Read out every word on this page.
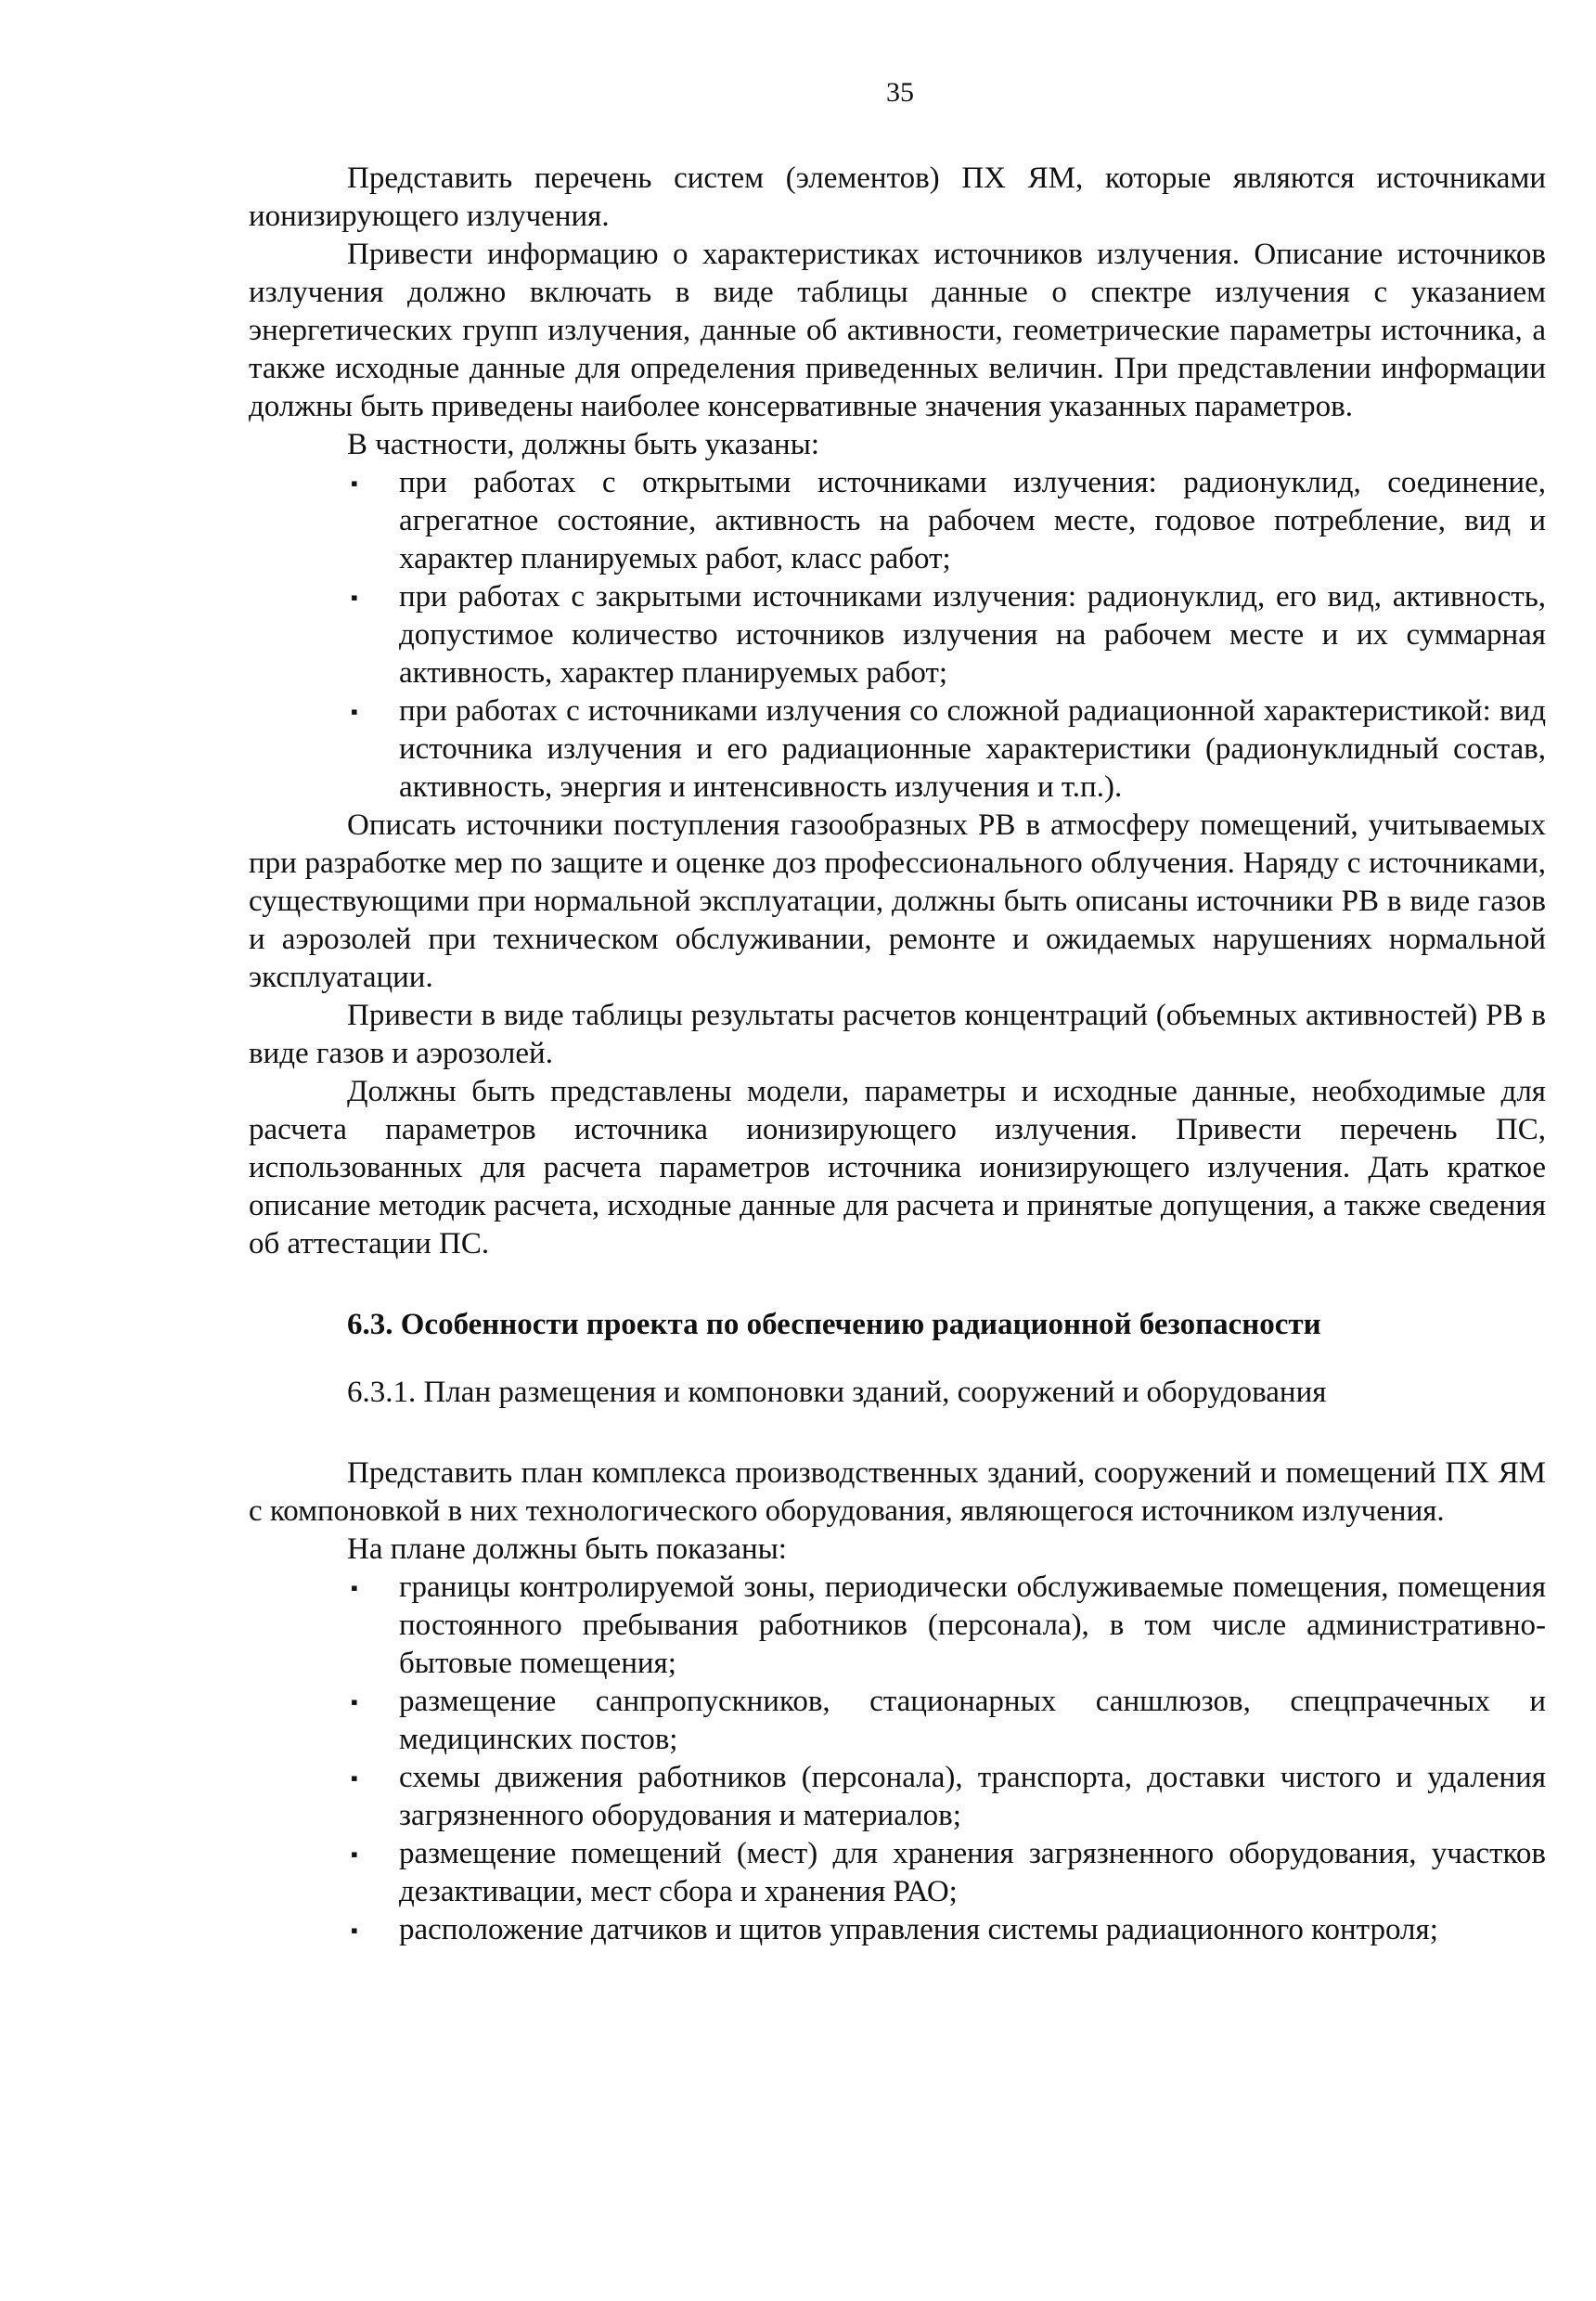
35

Представить перечень систем (элементов) ПХ ЯМ, которые являются источниками ионизирующего излучения.

Привести информацию о характеристиках источников излучения. Описание источников излучения должно включать в виде таблицы данные о спектре излучения с указанием энергетических групп излучения, данные об активности, геометрические параметры источника, а также исходные данные для определения приведенных величин. При представлении информации должны быть приведены наиболее консервативные значения указанных параметров.

В частности, должны быть указаны:

▪ при работах с открытыми источниками излучения: радионуклид, соединение, агрегатное состояние, активность на рабочем месте, годовое потребление, вид и характер планируемых работ, класс работ;
▪ при работах с закрытыми источниками излучения: радионуклид, его вид, активность, допустимое количество источников излучения на рабочем месте и их суммарная активность, характер планируемых работ;
▪ при работах с источниками излучения со сложной радиационной характеристикой: вид источника излучения и его радиационные характеристики (радионуклидный состав, активность, энергия и интенсивность излучения и т.п.).

Описать источники поступления газообразных РВ в атмосферу помещений, учитываемых при разработке мер по защите и оценке доз профессионального облучения. Наряду с источниками, существующими при нормальной эксплуатации, должны быть описаны источники РВ в виде газов и аэрозолей при техническом обслуживании, ремонте и ожидаемых нарушениях нормальной эксплуатации.

Привести в виде таблицы результаты расчетов концентраций (объемных активностей) РВ в виде газов и аэрозолей.

Должны быть представлены модели, параметры и исходные данные, необходимые для расчета параметров источника ионизирующего излучения. Привести перечень ПС, использованных для расчета параметров источника ионизирующего излучения. Дать краткое описание методик расчета, исходные данные для расчета и принятые допущения, а также сведения об аттестации ПС.

6.3. Особенности проекта по обеспечению радиационной безопасности

6.3.1. План размещения и компоновки зданий, сооружений и оборудования

Представить план комплекса производственных зданий, сооружений и помещений ПХ ЯМ с компоновкой в них технологического оборудования, являющегося источником излучения.

На плане должны быть показаны:

▪ границы контролируемой зоны, периодически обслуживаемые помещения, помещения постоянного пребывания работников (персонала), в том числе административно-бытовые помещения;
▪ размещение санпропускников, стационарных саншлюзов, спецпрачечных и медицинских постов;
▪ схемы движения работников (персонала), транспорта, доставки чистого и удаления загрязненного оборудования и материалов;
▪ размещение помещений (мест) для хранения загрязненного оборудования, участков дезактивации, мест сбора и хранения РАО;
▪ расположение датчиков и щитов управления системы радиационного контроля;
